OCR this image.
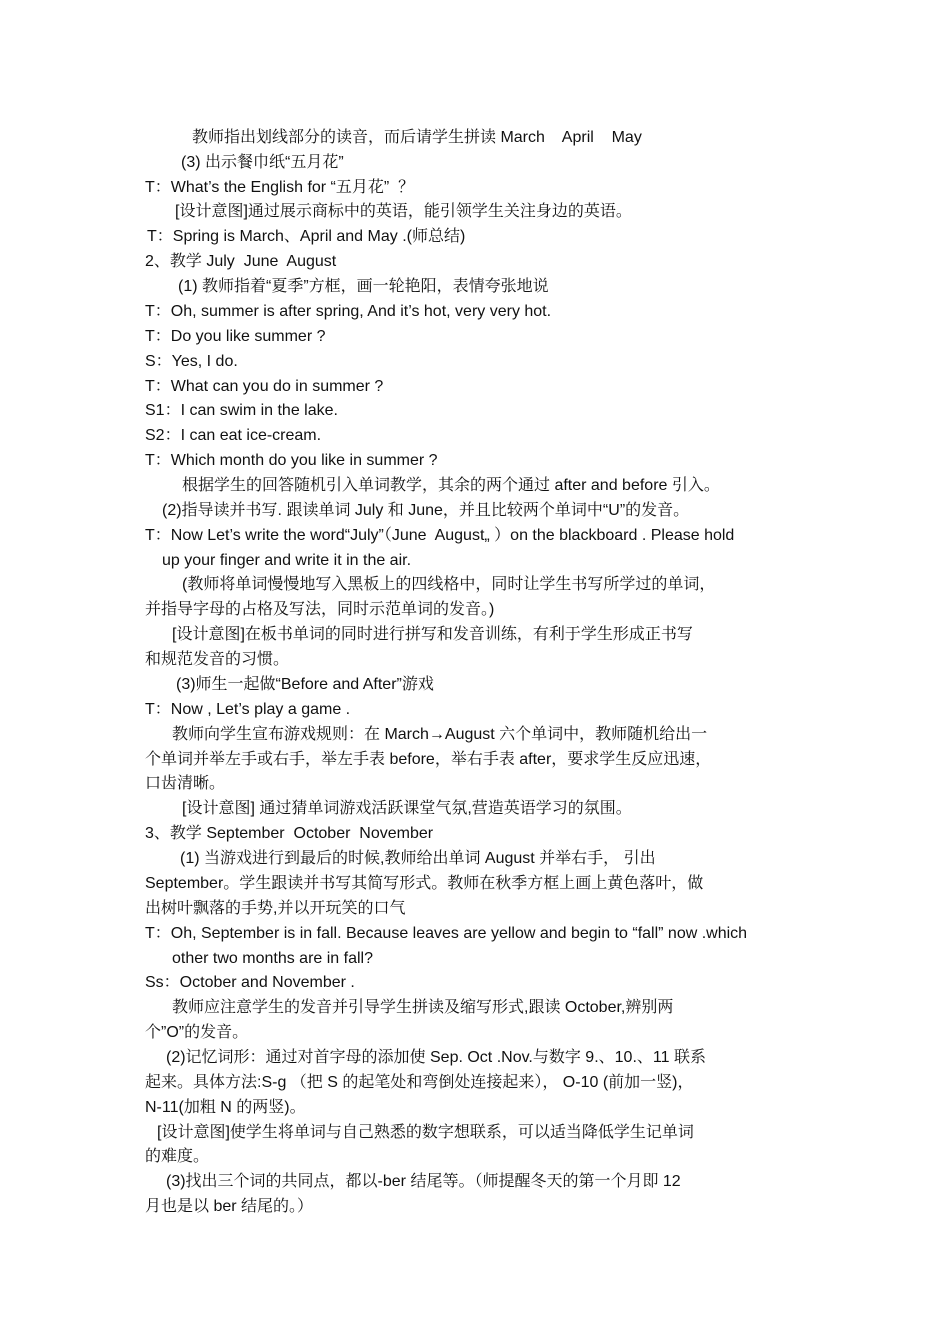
教师指出划线部分的读音，而后请学生拼读 March    April    May
(3) 出示餐巾纸“五月花”
T：What’s the English for “五月花”  ？
[设计意图]通过展示商标中的英语，能引领学生关注身边的英语。
T：Spring is March、April and May .(师总结)
2、教学 July  June  August
(1) 教师指着“夏季”方框，画一轮艳阳，表情夸张地说
T：Oh, summer is after spring, And it’s hot, very very hot.
T：Do you like summer ?
S：Yes, I do.
T：What can you do in summer ?
S1：I can swim in the lake.
S2：I can eat ice-cream.
T：Which month do you like in summer ?
根据学生的回答随机引入单词教学，其余的两个通过 after and before 引入。
(2)指导读并书写. 跟读单词 July 和 June，并且比较两个单词中“U”的发音。
T：Now Let’s write the word“July”（June  August„ ）on the blackboard . Please hold
up your finger and write it in the air.
(教师将单词慢慢地写入黑板上的四线格中，同时让学生书写所学过的单词，
并指导字母的占格及写法，同时示范单词的发音。)
[设计意图]在板书单词的同时进行拼写和发音训练，有利于学生形成正书写
和规范发音的习惯。
(3)师生一起做“Before and After”游戏
T：Now , Let’s play a game .
教师向学生宣布游戏规则：在 March→August 六个单词中，教师随机给出一
个单词并举左手或右手，举左手表 before，举右手表 after，要求学生反应迅速，
口齿清晰。
[设计意图] 通过猜单词游戏活跃课堂气氛,营造英语学习的氛围。
3、教学 September  October  November
(1) 当游戏进行到最后的时候,教师给出单词 August 并举右手， 引出
September。学生跟读并书写其简写形式。教师在秋季方框上画上黄色落叶，做
出树叶飘落的手势,并以开玩笑的口气
T：Oh, September is in fall. Because leaves are yellow and begin to “fall” now .which
other two months are in fall?
Ss：October and November .
教师应注意学生的发音并引导学生拼读及缩写形式,跟读 October,辨别两
个”O”的发音。
(2)记忆词形：通过对首字母的添加使 Sep. Oct .Nov.与数字 9.、10.、11 联系
起来。具体方法:S-g （把 S 的起笔处和弯倒处连接起来）， O-10 (前加一竖)，
N-11(加粗 N 的两竖)。
[设计意图]使学生将单词与自己熟悉的数字想联系，可以适当降低学生记单词
的难度。
(3)找出三个词的共同点，都以-ber 结尾等。（师提醒冬天的第一个月即 12
月也是以 ber 结尾的。）
